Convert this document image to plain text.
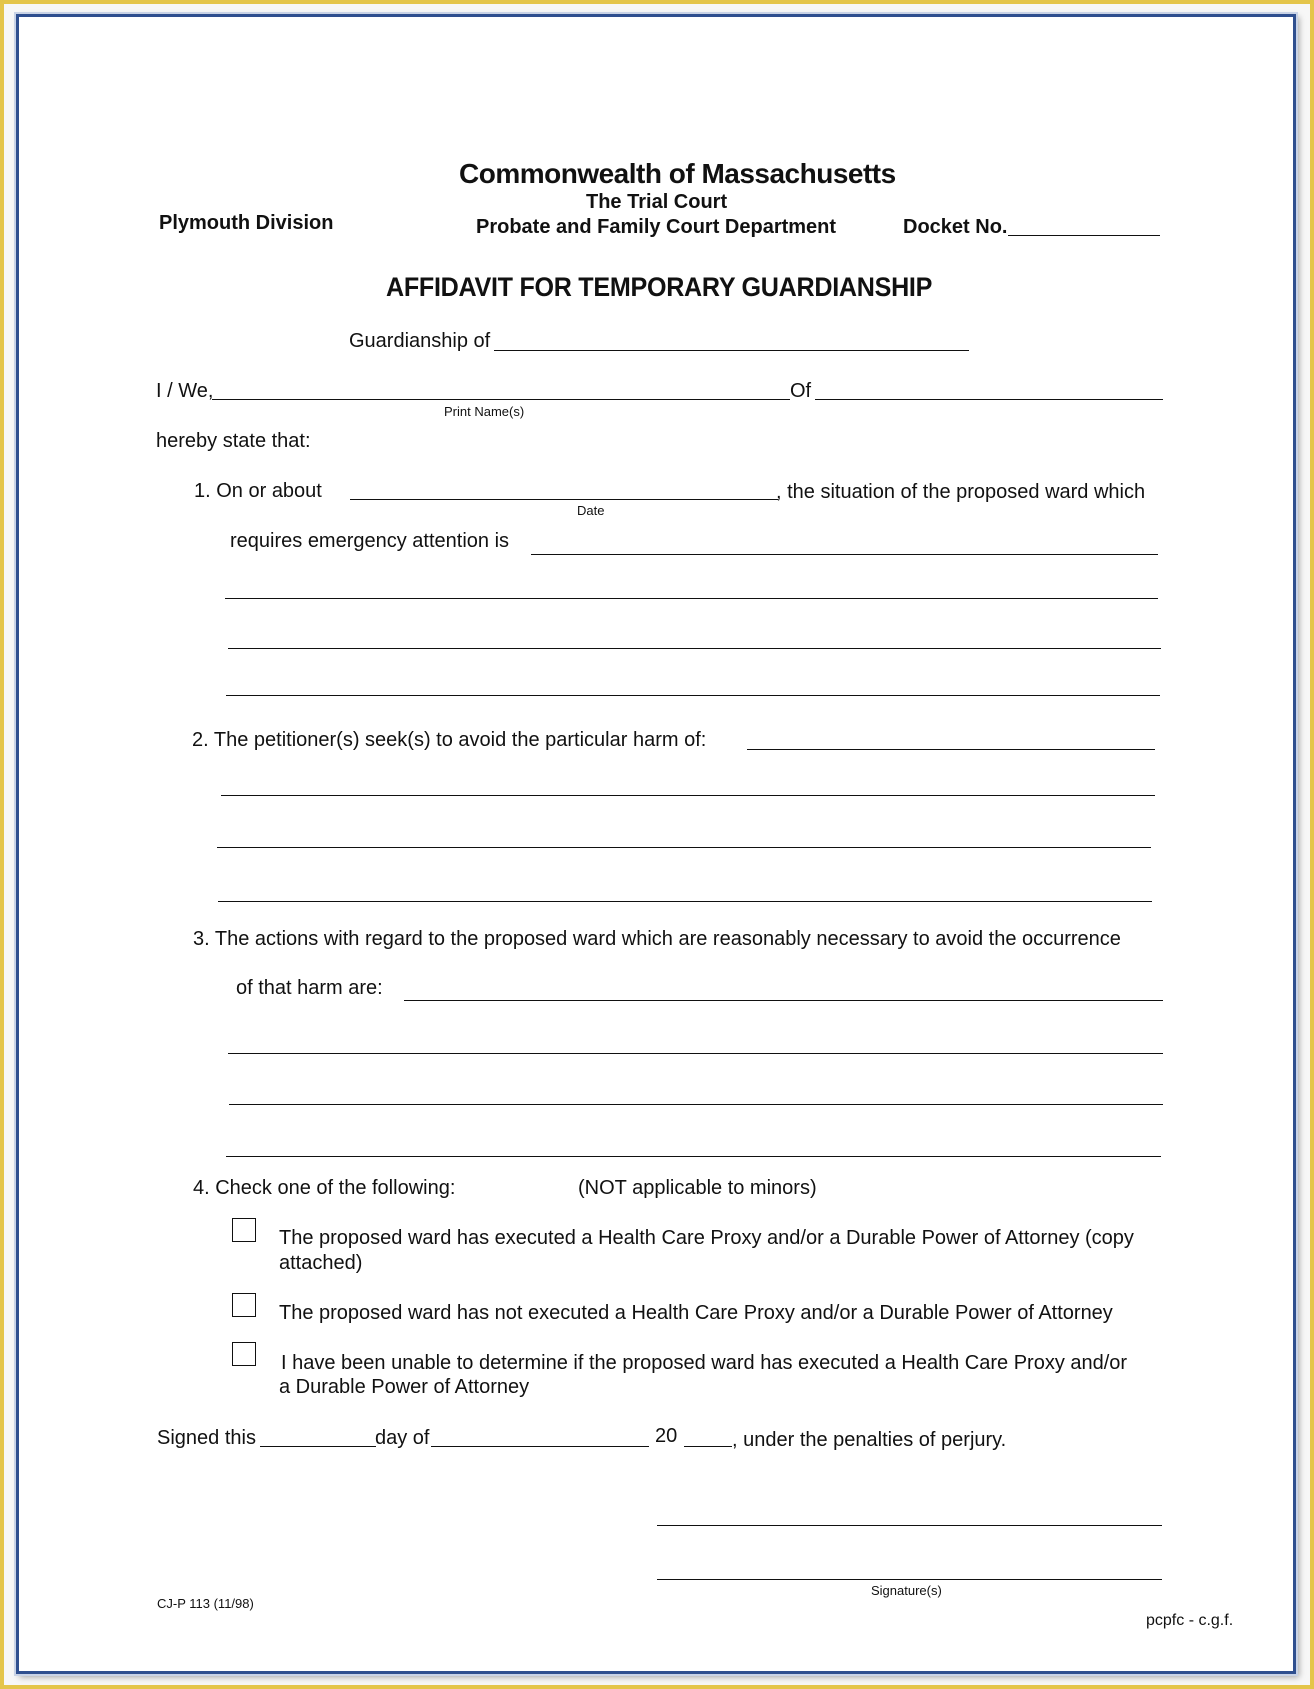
Commonwealth of Massachusetts
The Trial Court
Plymouth Division	Probate and Family Court Department	Docket No.
AFFIDAVIT FOR TEMPORARY GUARDIANSHIP
Guardianship of
I / We,	Of
Print Name(s)
hereby state that:
1. On or about	, the situation of the proposed ward which
Date
requires emergency attention is
2. The petitioner(s) seek(s) to avoid the particular harm of:
3. The actions with regard to the proposed ward which are reasonably necessary to avoid the occurrence
of that harm are:
4. Check one of the following:	(NOT applicable to minors)
The proposed ward has executed a Health Care Proxy and/or a Durable Power of Attorney (copy
attached)
The proposed ward has not executed a Health Care Proxy and/or a Durable Power of Attorney
I have been unable to determine if the proposed ward has executed a Health Care Proxy and/or
a Durable Power of Attorney
Signed this	day of	20	, under the penalties of perjury.
Signature(s)
CJ-P 113 (11/98)
pcpfc - c.g.f.
